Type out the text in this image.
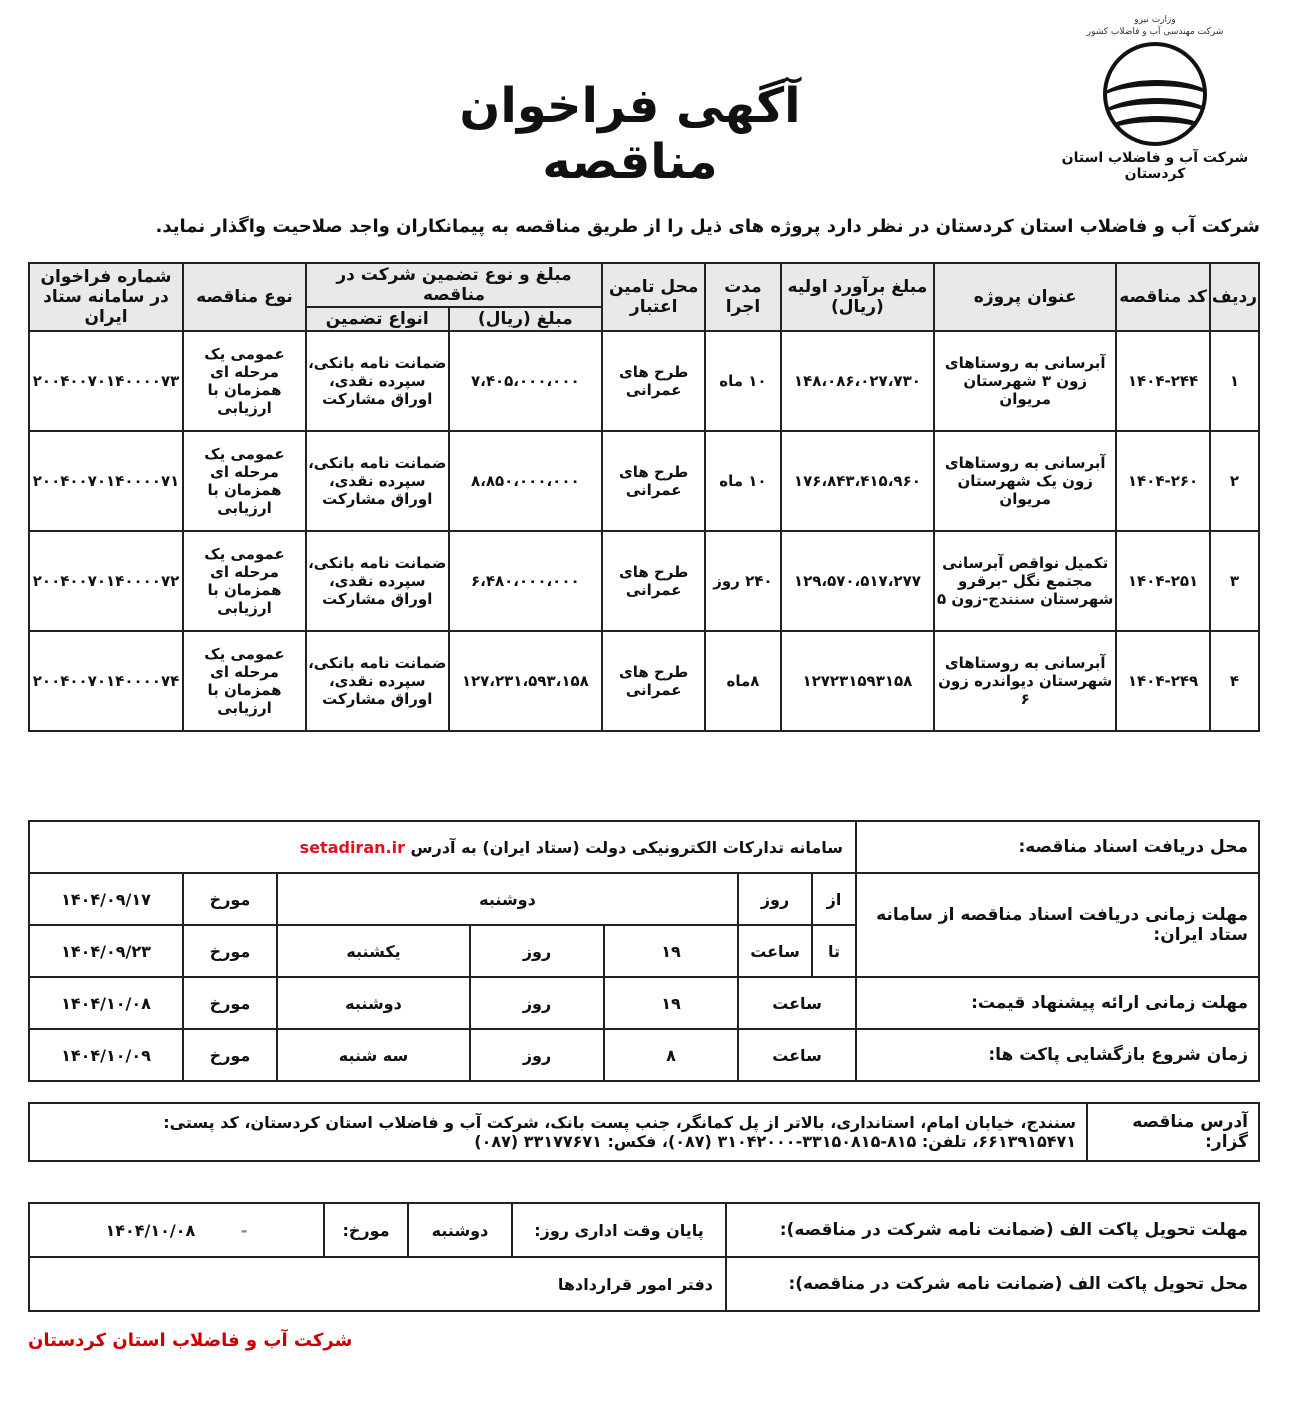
وزارت نیرو
شرکت مهندسی آب و فاضلاب کشور
شرکت آب و فاضلاب استان کردستان
آگهی فراخوان مناقصه
شرکت آب و فاضلاب استان کردستان در نظر دارد پروژه های ذیل را از طریق مناقصه به پیمانکاران واجد صلاحیت واگذار نماید.
ردیف	کد مناقصه	عنوان پروژه	مبلغ برآورد اولیه (ریال)	مدت اجرا	محل تامین اعتبار	مبلغ و نوع تضمین شرکت در مناقصه		نوع مناقصه	شماره فراخوان در سامانه ستاد ایران
						مبلغ (ریال)	انواع تضمین		
۱	۱۴۰۴-۲۴۴	آبرسانی به روستاهای زون ۳ شهرستان مریوان	۱۴۸،۰۸۶،۰۲۷،۷۳۰	۱۰ ماه	طرح های عمرانی	۷،۴۰۵،۰۰۰،۰۰۰	ضمانت نامه بانکی، سپرده نقدی، اوراق مشارکت	عمومی یک مرحله ای همزمان با ارزیابی	۲۰۰۴۰۰۷۰۱۴۰۰۰۰۷۳
۲	۱۴۰۴-۲۶۰	آبرسانی به روستاهای زون یک شهرستان مریوان	۱۷۶،۸۴۳،۴۱۵،۹۶۰	۱۰ ماه	طرح های عمرانی	۸،۸۵۰،۰۰۰،۰۰۰	ضمانت نامه بانکی، سپرده نقدی، اوراق مشارکت	عمومی یک مرحله ای همزمان با ارزیابی	۲۰۰۴۰۰۷۰۱۴۰۰۰۰۷۱
۳	۱۴۰۴-۲۵۱	تکمیل نواقص آبرسانی مجتمع نگل -برقرو شهرستان سنندج-زون ۵	۱۲۹،۵۷۰،۵۱۷،۲۷۷	۲۴۰ روز	طرح های عمرانی	۶،۴۸۰،۰۰۰،۰۰۰	ضمانت نامه بانکی، سپرده نقدی، اوراق مشارکت	عمومی یک مرحله ای همزمان با ارزیابی	۲۰۰۴۰۰۷۰۱۴۰۰۰۰۷۲
۴	۱۴۰۴-۲۴۹	آبرسانی به روستاهای شهرستان دیواندره زون ۶	۱۲۷۲۳۱۵۹۳۱۵۸	۸ماه	طرح های عمرانی	۱۲۷،۲۳۱،۵۹۳،۱۵۸	ضمانت نامه بانکی، سپرده نقدی، اوراق مشارکت	عمومی یک مرحله ای همزمان با ارزیابی	۲۰۰۴۰۰۷۰۱۴۰۰۰۰۷۴
محل دریافت اسناد مناقصه:	سامانه تدارکات الکترونیکی دولت (ستاد ایران) به آدرس setadiran.ir						
مهلت زمانی دریافت اسناد مناقصه از سامانه ستاد ایران:	از	روز	دوشنبه			مورخ	۱۴۰۴/۰۹/۱۷
	تا	ساعت	۱۹	روز	یکشنبه	مورخ	۱۴۰۴/۰۹/۲۳
مهلت زمانی ارائه پیشنهاد قیمت:	ساعت		۱۹	روز	دوشنبه	مورخ	۱۴۰۴/۱۰/۰۸
زمان شروع بازگشایی پاکت ها:	ساعت		۸	روز	سه شنبه	مورخ	۱۴۰۴/۱۰/۰۹
آدرس مناقصه گزار:	
سنندج، خیابان امام، استانداری، بالاتر از پل کمانگر، جنب پست بانک، شرکت آب و فاضلاب استان کردستان، کد پستی:
۶۶۱۳۹۱۵۴۷۱، تلفن: ۸۱۵-۳۳۱۵۰۸۱۵-۳۱۰۴۲۰۰۰ (۰۸۷)، فکس: ۳۳۱۷۷۶۷۱ (۰۸۷)
مهلت تحویل پاکت الف (ضمانت نامه شرکت در مناقصه):	پایان وقت اداری روز:	دوشنبه	مورخ:	- ۱۴۰۴/۱۰/۰۸
محل تحویل پاکت الف (ضمانت نامه شرکت در مناقصه):	دفتر امور قراردادها			
شرکت آب و فاضلاب استان کردستان
